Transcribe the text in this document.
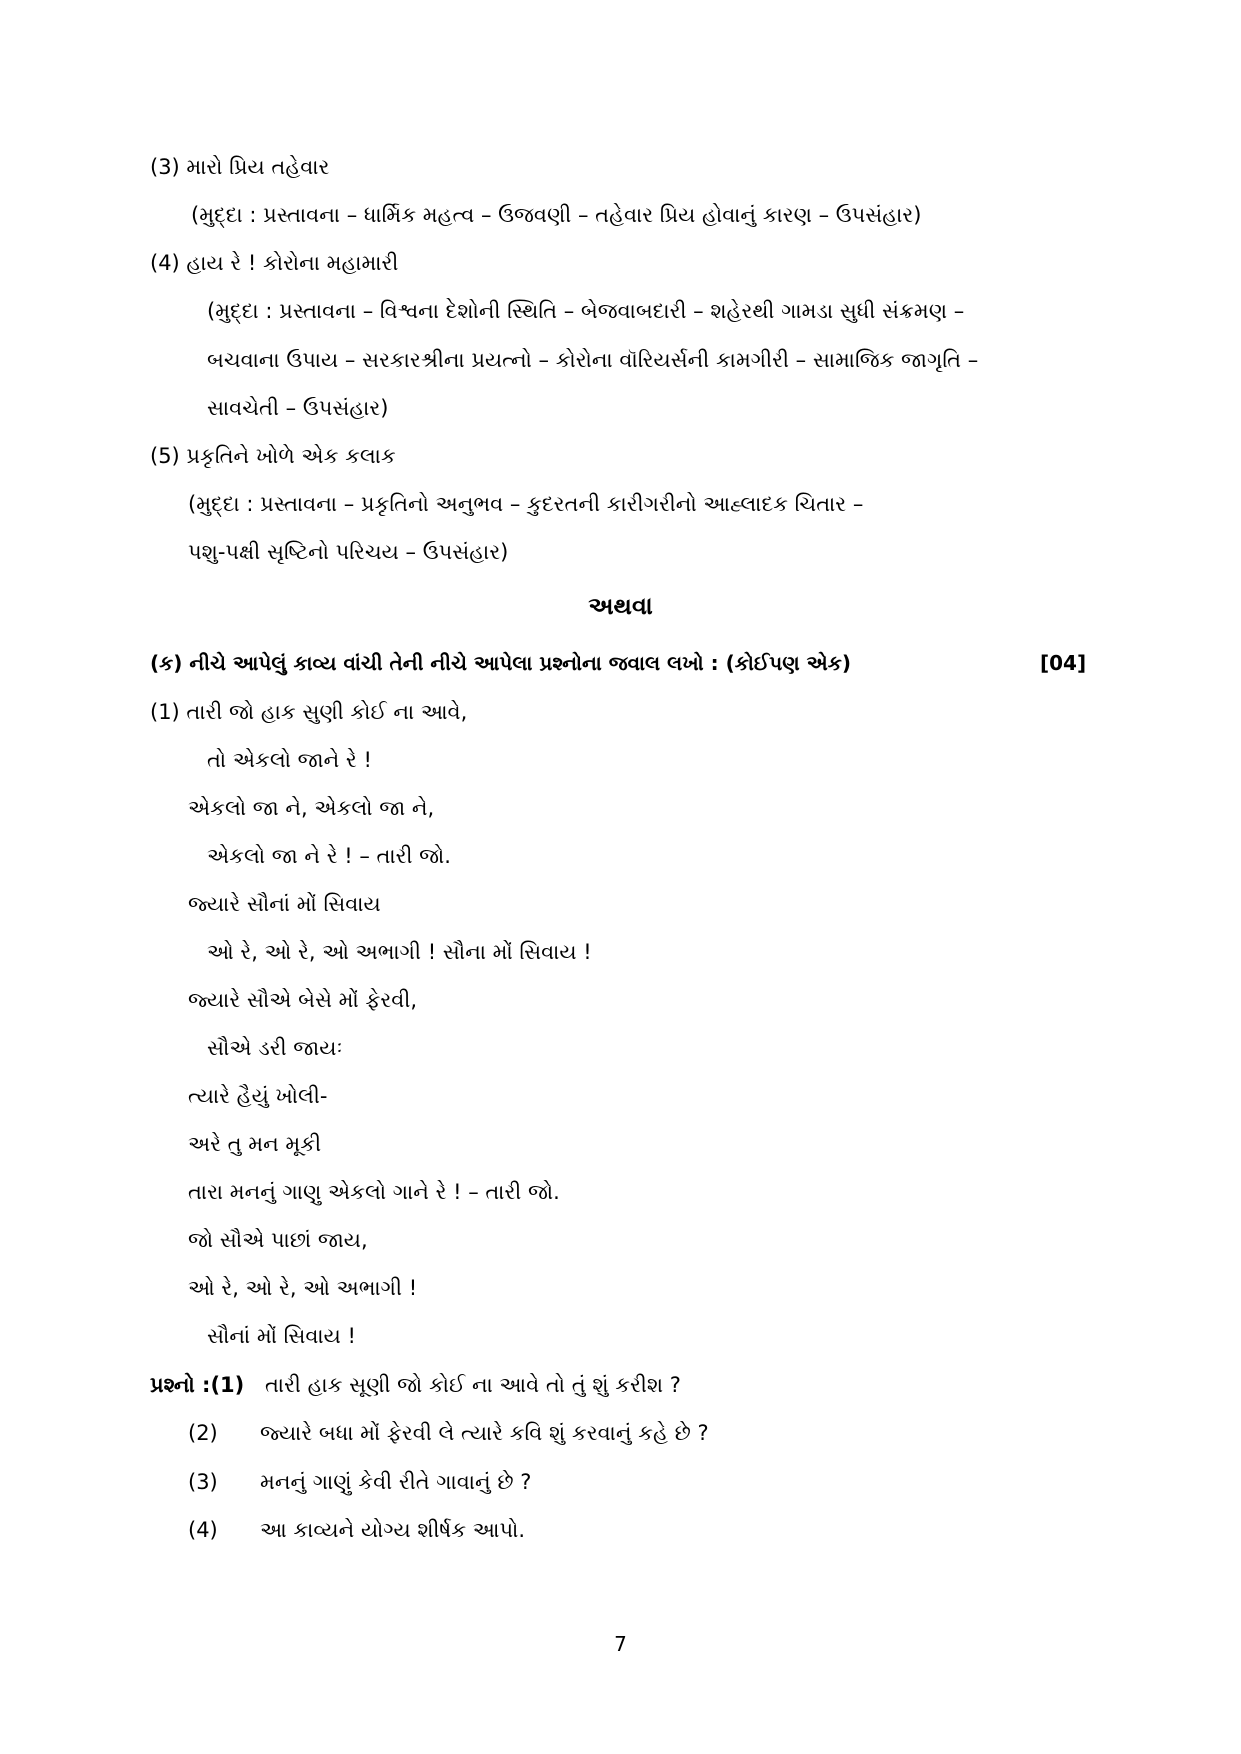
(3) મારો પ્રિય તહેવાર
(મુદ્દા : પ્રસ્તાવના – ધાર્મિક મહત્વ – ઉજવણી – તહેવાર પ્રિય હોવાનું કારણ – ઉપસંહાર)
(4) હાય રે ! કોરોના મહામારી
(મુદ્દા : પ્રસ્તાવના – વિશ્વના દેશોની સ્થિતિ – બેજવાબદારી – શહેરથી ગામડા સુધી સંક્રમણ –
બચવાના ઉપાય – સરકારશ્રીના પ્રયત્નો – કોરોના વૉરિયર્સની કામગીરી – સામાજિક જાગૃતિ –
સાવચેતી – ઉપસંહાર)
(5) પ્રકૃતિને ખોળે એક કલાક
(મુદ્દા : પ્રસ્તાવના – પ્રકૃતિનો અનુભવ – કુદરતની કારીગરીનો આહ્લાદક ચિતાર –
પશુ-પક્ષી સૃષ્ટિનો પરિચય – ઉપસંહાર)
અથવા
(ક) નીચે આપેલું કાવ્ય વાંચી તેની નીચે આપેલા પ્રશ્નોના જવાલ લખો : (કોઈપણ એક)	[04]
(1) તારી જો હાક સુણી કોઈ ના આવે,
તો એકલો જાને રે !
એકલો જા ને, એકલો જા ને,
એકલો જા ને રે ! – તારી જો.
જ્યારે સૌનાં મોં સિવાય
ઓ રે, ઓ રે, ઓ અભાગી ! સૌના મોં સિવાય !
જ્યારે સૌએ બેસે મોં ફેરવી,
સૌએ ડરી જાયઃ
ત્યારે હૈયું ખોલી-
અરે તુ મન મૂકી
તારા મનનું ગાણુ એકલો ગાને રે ! – તારી જો.
જો સૌએ પાછાં જાય,
ઓ રે, ઓ રે, ઓ અભાગી !
સૌનાં મોં સિવાય !
પ્રશ્નો :(1) તારી હાક સૂણી જો કોઈ ના આવે તો તું શું કરીશ ?
(2) જ્યારે બધા મોં ફેરવી લે ત્યારે કવિ શું કરવાનું કહે છે ?
(3) મનનું ગાણું કેવી રીતે ગાવાનું છે ?
(4) આ કાવ્યને યોગ્ય શીર્ષક આપો.
7
